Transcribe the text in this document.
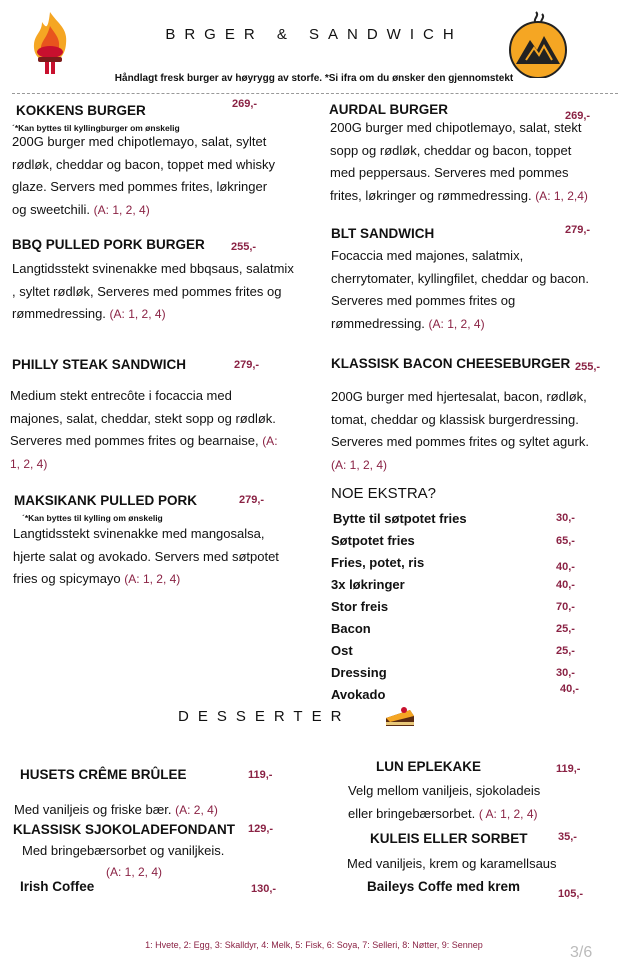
BRGER & SANDWICH
Håndlagt fresk burger av høyrygg av storfe. *Si ifra om du ønsker den gjennomstekt
KOKKENS BURGER	269,-
´*Kan byttes til kyllingburger om ønskelig
200G burger med chipotlemayo, salat, syltet rødløk, cheddar og bacon, toppet med whisky glaze. Servers med pommes frites, løkringer og sweetchili. (A: 1, 2, 4)
BBQ PULLED PORK BURGER 255,-
Langtidsstekt svinenakke med bbqsaus, salatmix , syltet rødløk, Serveres med pommes frites og rømmedressing. (A: 1, 2, 4)
PHILLY STEAK SANDWICH	279,-
Medium stekt entrecôte i focaccia med majones, salat, cheddar, stekt sopp og rødløk. Serveres med pommes frites og bearnaise, (A: 1, 2, 4)
MAKSIKANK PULLED PORK	279,-
´*Kan byttes til kylling om ønskelig
Langtidsstekt svinenakke med mangosalsa, hjerte salat og avokado. Servers med søtpotet fries og spicymayo (A: 1, 2, 4)
AURDAL BURGER	269,-
200G burger med chipotlemayo, salat, stekt sopp og rødløk, cheddar og bacon, toppet med peppersaus. Serveres med pommes frites, løkringer og rømmedressing. (A: 1, 2,4)
BLT SANDWICH	279,-
Focaccia med majones, salatmix, cherrytomater, kyllingfilet, cheddar og bacon. Serveres med pommes frites og rømmedressing. (A: 1, 2, 4)
KLASSISK BACON CHEESEBURGER 255,-
200G burger med hjertesalat, bacon, rødløk, tomat, cheddar og klassisk burgerdressing. Serveres med pommes frites og syltet agurk. (A: 1, 2, 4)
NOE EKSTRA?
Bytte til søtpotet fries	30,-
Søtpotet fries	65,-
Fries, potet, ris	40,-
3x løkringer	40,-
Stor freis	70,-
Bacon	25,-
Ost	25,-
Dressing	30,-
Avokado	40,-
DESSERTER
HUSETS CRÊME BRÛLEE	119,-
Med vaniljeis og friske bær. (A: 2, 4)
KLASSISK SJOKOLADEFONDANT 129,-
Med bringebærsorbet og vaniljkeis.
(A: 1, 2, 4)
Irish Coffee	130,-
LUN EPLEKAKE	119,-
Velg mellom vaniljeis, sjokoladeis
eller bringebærsorbet. ( A: 1, 2, 4)
KULEIS ELLER SORBET	35,-
Med vaniljeis, krem og karamellsaus
Baileys Coffe med krem	105,-
1: Hvete, 2: Egg, 3: Skalldyr, 4: Melk, 5: Fisk, 6: Soya, 7: Selleri, 8: Nøtter, 9: Sennep	3/6
